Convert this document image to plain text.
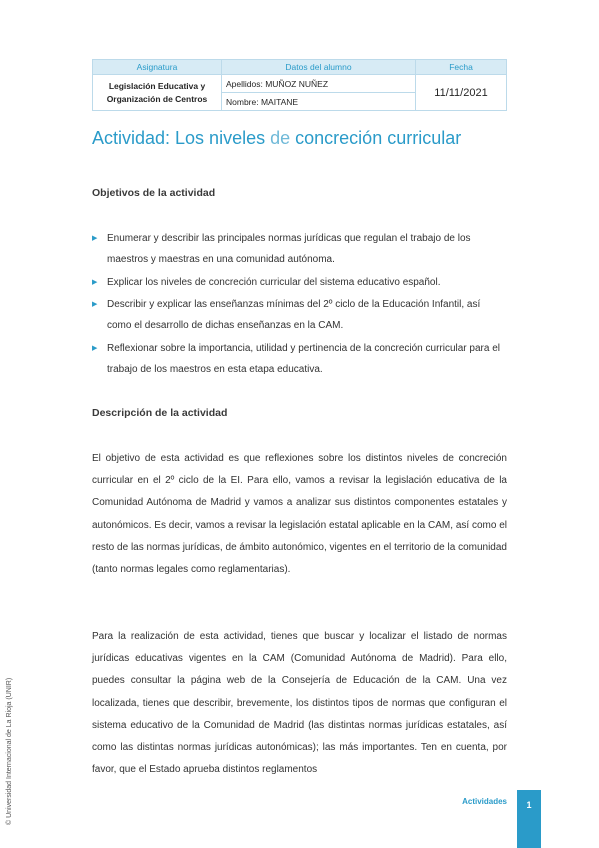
Asignatura	Datos del alumno	Fecha
Legislación Educativa y
Organización de Centros	Apellidos: MUÑOZ NUÑEZ	11/11/2021
	Nombre: MAITANE	
Actividad: Los niveles de concreción curricular
Objetivos de la actividad
▶ Enumerar y describir las principales normas jurídicas que regulan el trabajo de los maestros y maestras en una comunidad autónoma.
▶ Explicar los niveles de concreción curricular del sistema educativo español.
▶ Describir y explicar las enseñanzas mínimas del 2º ciclo de la Educación Infantil, así como el desarrollo de dichas enseñanzas en la CAM.
▶ Reflexionar sobre la importancia, utilidad y pertinencia de la concreción curricular para el trabajo de los maestros en esta etapa educativa.
Descripción de la actividad

El objetivo de esta actividad es que reflexiones sobre los distintos niveles de concreción curricular en el 2º ciclo de la EI. Para ello, vamos a revisar la legislación educativa de la Comunidad Autónoma de Madrid y vamos a analizar sus distintos componentes estatales y autonómicos. Es decir, vamos a revisar la legislación estatal aplicable en la CAM, así como el resto de las normas jurídicas, de ámbito autonómico, vigentes en el territorio de la comunidad (tanto normas legales como reglamentarias).

Para la realización de esta actividad, tienes que buscar y localizar el listado de normas jurídicas educativas vigentes en la CAM (Comunidad Autónoma de Madrid). Para ello, puedes consultar la página web de la Consejería de Educación de la CAM. Una vez localizada, tienes que describir, brevemente, los distintos tipos de normas que configuran el sistema educativo de la Comunidad de Madrid (las distintas normas jurídicas estatales, así como las distintas normas jurídicas autonómicas); las más importantes. Ten en cuenta, por favor, que el Estado aprueba distintos reglamentos

Actividades	1
© Universidad Internacional de La Rioja (UNIR)
